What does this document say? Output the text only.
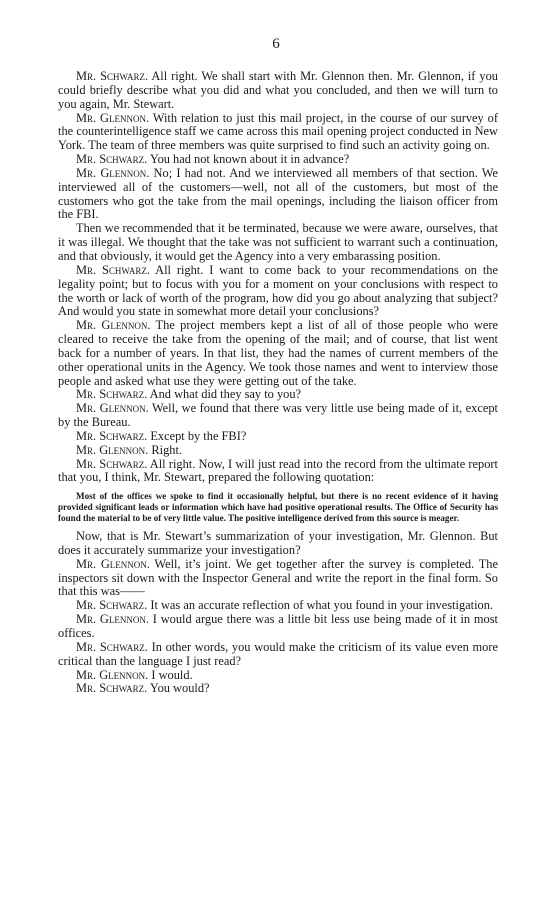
6

Mr. Schwarz. All right. We shall start with Mr. Glennon then. Mr. Glennon, if you could briefly describe what you did and what you concluded, and then we will turn to you again, Mr. Stewart.

Mr. Glennon. With relation to just this mail project, in the course of our survey of the counterintelligence staff we came across this mail opening project conducted in New York. The team of three members was quite surprised to find such an activity going on.

Mr. Schwarz. You had not known about it in advance?

Mr. Glennon. No; I had not. And we interviewed all members of that section. We interviewed all of the customers—well, not all of the customers, but most of the customers who got the take from the mail openings, including the liaison officer from the FBI.

Then we recommended that it be terminated, because we were aware, ourselves, that it was illegal. We thought that the take was not sufficient to warrant such a continuation, and that obviously, it would get the Agency into a very embarassing position.

Mr. Schwarz. All right. I want to come back to your recommendations on the legality point; but to focus with you for a moment on your conclusions with respect to the worth or lack of worth of the program, how did you go about analyzing that subject? And would you state in somewhat more detail your conclusions?

Mr. Glennon. The project members kept a list of all of those people who were cleared to receive the take from the opening of the mail; and of course, that list went back for a number of years. In that list, they had the names of current members of the other operational units in the Agency. We took those names and went to interview those people and asked what use they were getting out of the take.

Mr. Schwarz. And what did they say to you?

Mr. Glennon. Well, we found that there was very little use being made of it, except by the Bureau.

Mr. Schwarz. Except by the FBI?

Mr. Glennon. Right.

Mr. Schwarz. All right. Now, I will just read into the record from the ultimate report that you, I think, Mr. Stewart, prepared the following quotation:

Most of the offices we spoke to find it occasionally helpful, but there is no recent evidence of it having provided significant leads or information which have had positive operational results. The Office of Security has found the material to be of very little value. The positive intelligence derived from this source is meager.

Now, that is Mr. Stewart’s summarization of your investigation, Mr. Glennon. But does it accurately summarize your investigation?

Mr. Glennon. Well, it’s joint. We get together after the survey is completed. The inspectors sit down with the Inspector General and write the report in the final form. So that this was——

Mr. Schwarz. It was an accurate reflection of what you found in your investigation.

Mr. Glennon. I would argue there was a little bit less use being made of it in most offices.

Mr. Schwarz. In other words, you would make the criticism of its value even more critical than the language I just read?

Mr. Glennon. I would.

Mr. Schwarz. You would?
